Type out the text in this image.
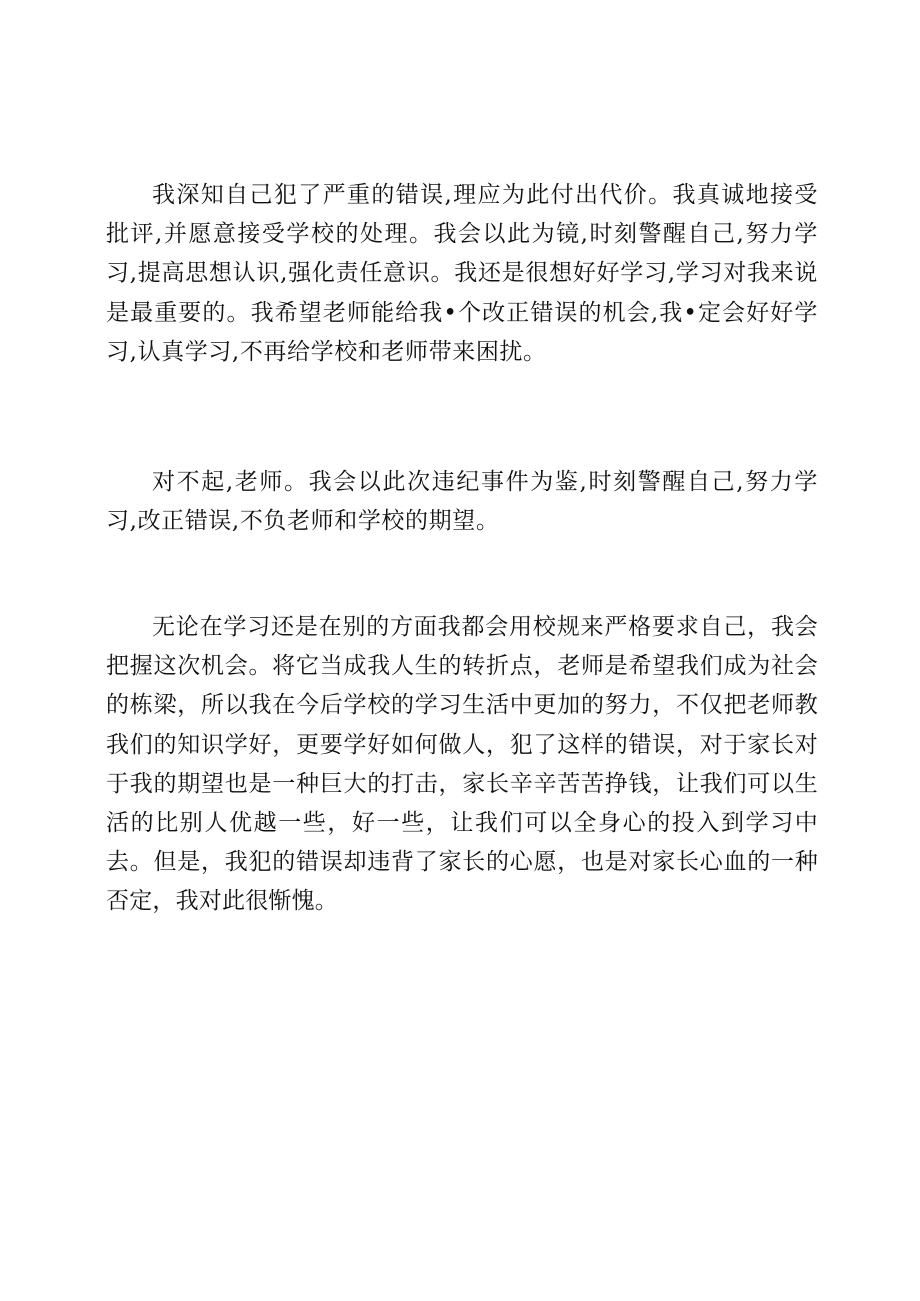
我深知自己犯了严重的错误,理应为此付出代价。我真诚地接受批评,并愿意接受学校的处理。我会以此为镜,时刻警醒自己,努力学习,提高思想认识,强化责任意识。我还是很想好好学习,学习对我来说是最重要的。我希望老师能给我•个改正错误的机会,我•定会好好学习,认真学习,不再给学校和老师带来困扰。

对不起,老师。我会以此次违纪事件为鉴,时刻警醒自己,努力学习,改正错误,不负老师和学校的期望。

无论在学习还是在别的方面我都会用校规来严格要求自己，我会把握这次机会。将它当成我人生的转折点，老师是希望我们成为社会的栋梁，所以我在今后学校的学习生活中更加的努力，不仅把老师教我们的知识学好，更要学好如何做人，犯了这样的错误，对于家长对于我的期望也是一种巨大的打击，家长辛辛苦苦挣钱，让我们可以生活的比别人优越一些，好一些，让我们可以全身心的投入到学习中去。但是，我犯的错误却违背了家长的心愿，也是对家长心血的一种否定，我对此很惭愧。
